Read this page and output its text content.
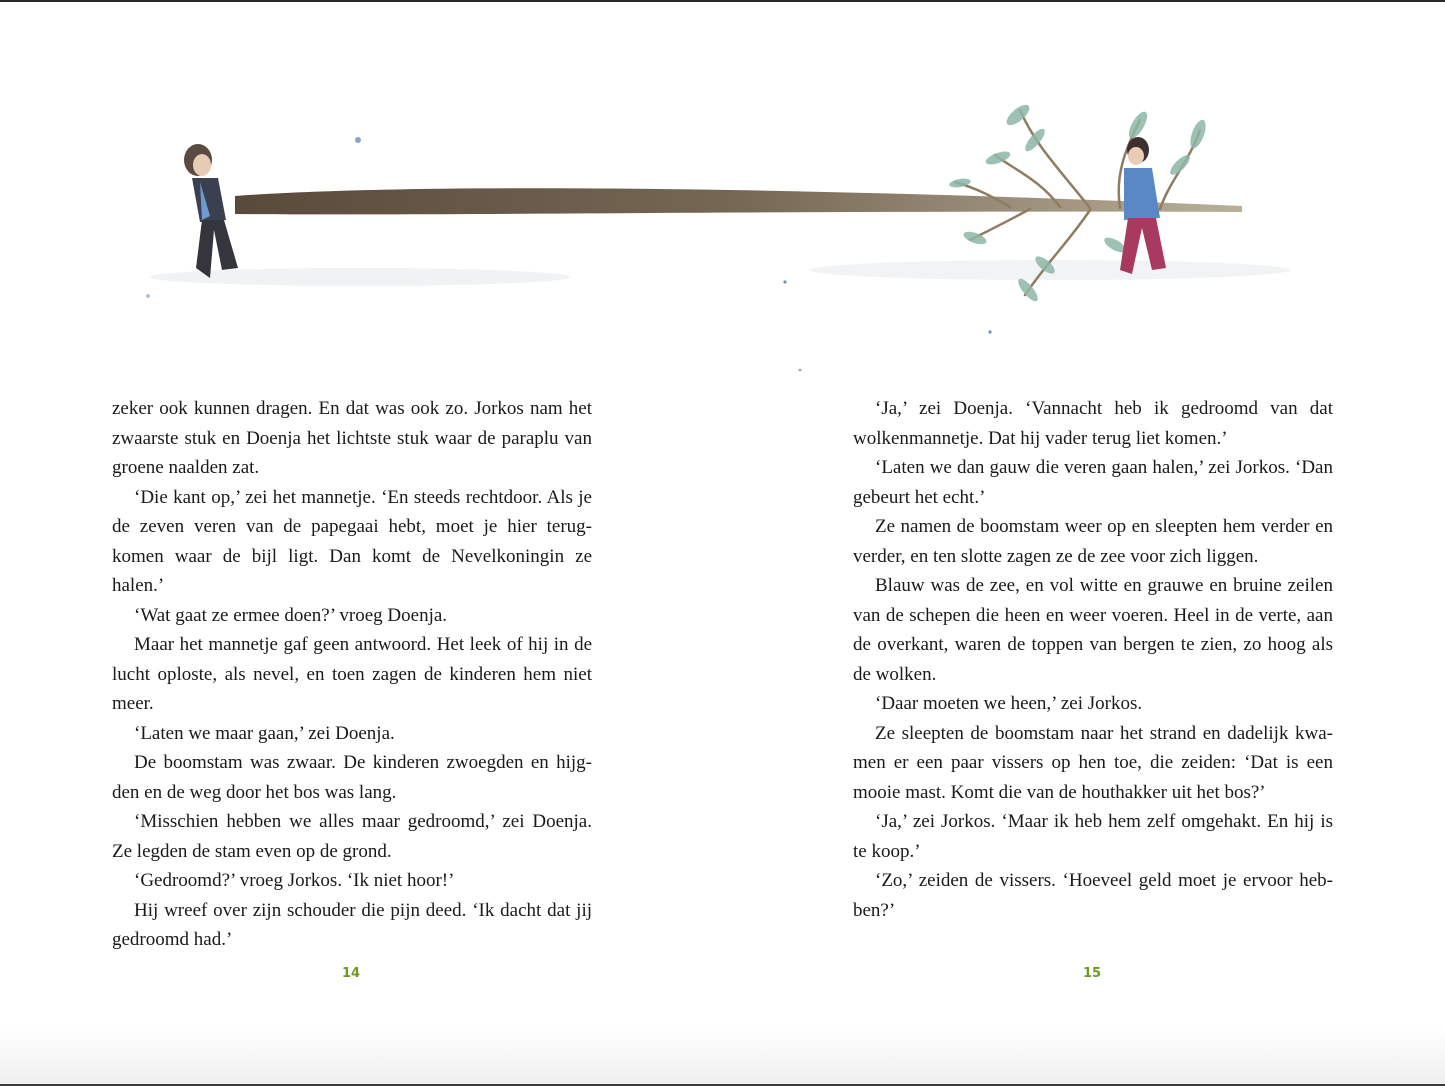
zeker ook kunnen dragen. En dat was ook zo. Jorkos nam het zwaarste stuk en Doenja het lichtste stuk waar de paraplu van groene naalden zat.

‘Die kant op,’ zei het mannetje. ‘En steeds rechtdoor. Als je de zeven veren van de papegaai hebt, moet je hier terug-komen waar de bijl ligt. Dan komt de Nevelkoningin ze halen.’

‘Wat gaat ze ermee doen?’ vroeg Doenja.

Maar het mannetje gaf geen antwoord. Het leek of hij in de lucht oploste, als nevel, en toen zagen de kinderen hem niet meer.

‘Laten we maar gaan,’ zei Doenja.

De boomstam was zwaar. De kinderen zwoegden en hijg-den en de weg door het bos was lang.

‘Misschien hebben we alles maar gedroomd,’ zei Doenja. Ze legden de stam even op de grond.

‘Gedroomd?’ vroeg Jorkos. ‘Ik niet hoor!’

Hij wreef over zijn schouder die pijn deed. ‘Ik dacht dat jij gedroomd had.’

‘Ja,’ zei Doenja. ‘Vannacht heb ik gedroomd van dat wolkenmannetje. Dat hij vader terug liet komen.’

‘Laten we dan gauw die veren gaan halen,’ zei Jorkos. ‘Dan gebeurt het echt.’

Ze namen de boomstam weer op en sleepten hem verder en verder, en ten slotte zagen ze de zee voor zich liggen.

Blauw was de zee, en vol witte en grauwe en bruine zeilen van de schepen die heen en weer voeren. Heel in de verte, aan de overkant, waren de toppen van bergen te zien, zo hoog als de wolken.

‘Daar moeten we heen,’ zei Jorkos.

Ze sleepten de boomstam naar het strand en dadelijk kwa-men er een paar vissers op hen toe, die zeiden: ‘Dat is een mooie mast. Komt die van de houthakker uit het bos?’

‘Ja,’ zei Jorkos. ‘Maar ik heb hem zelf omgehakt. En hij is te koop.’

‘Zo,’ zeiden de vissers. ‘Hoeveel geld moet je ervoor heb-ben?’

14	15
